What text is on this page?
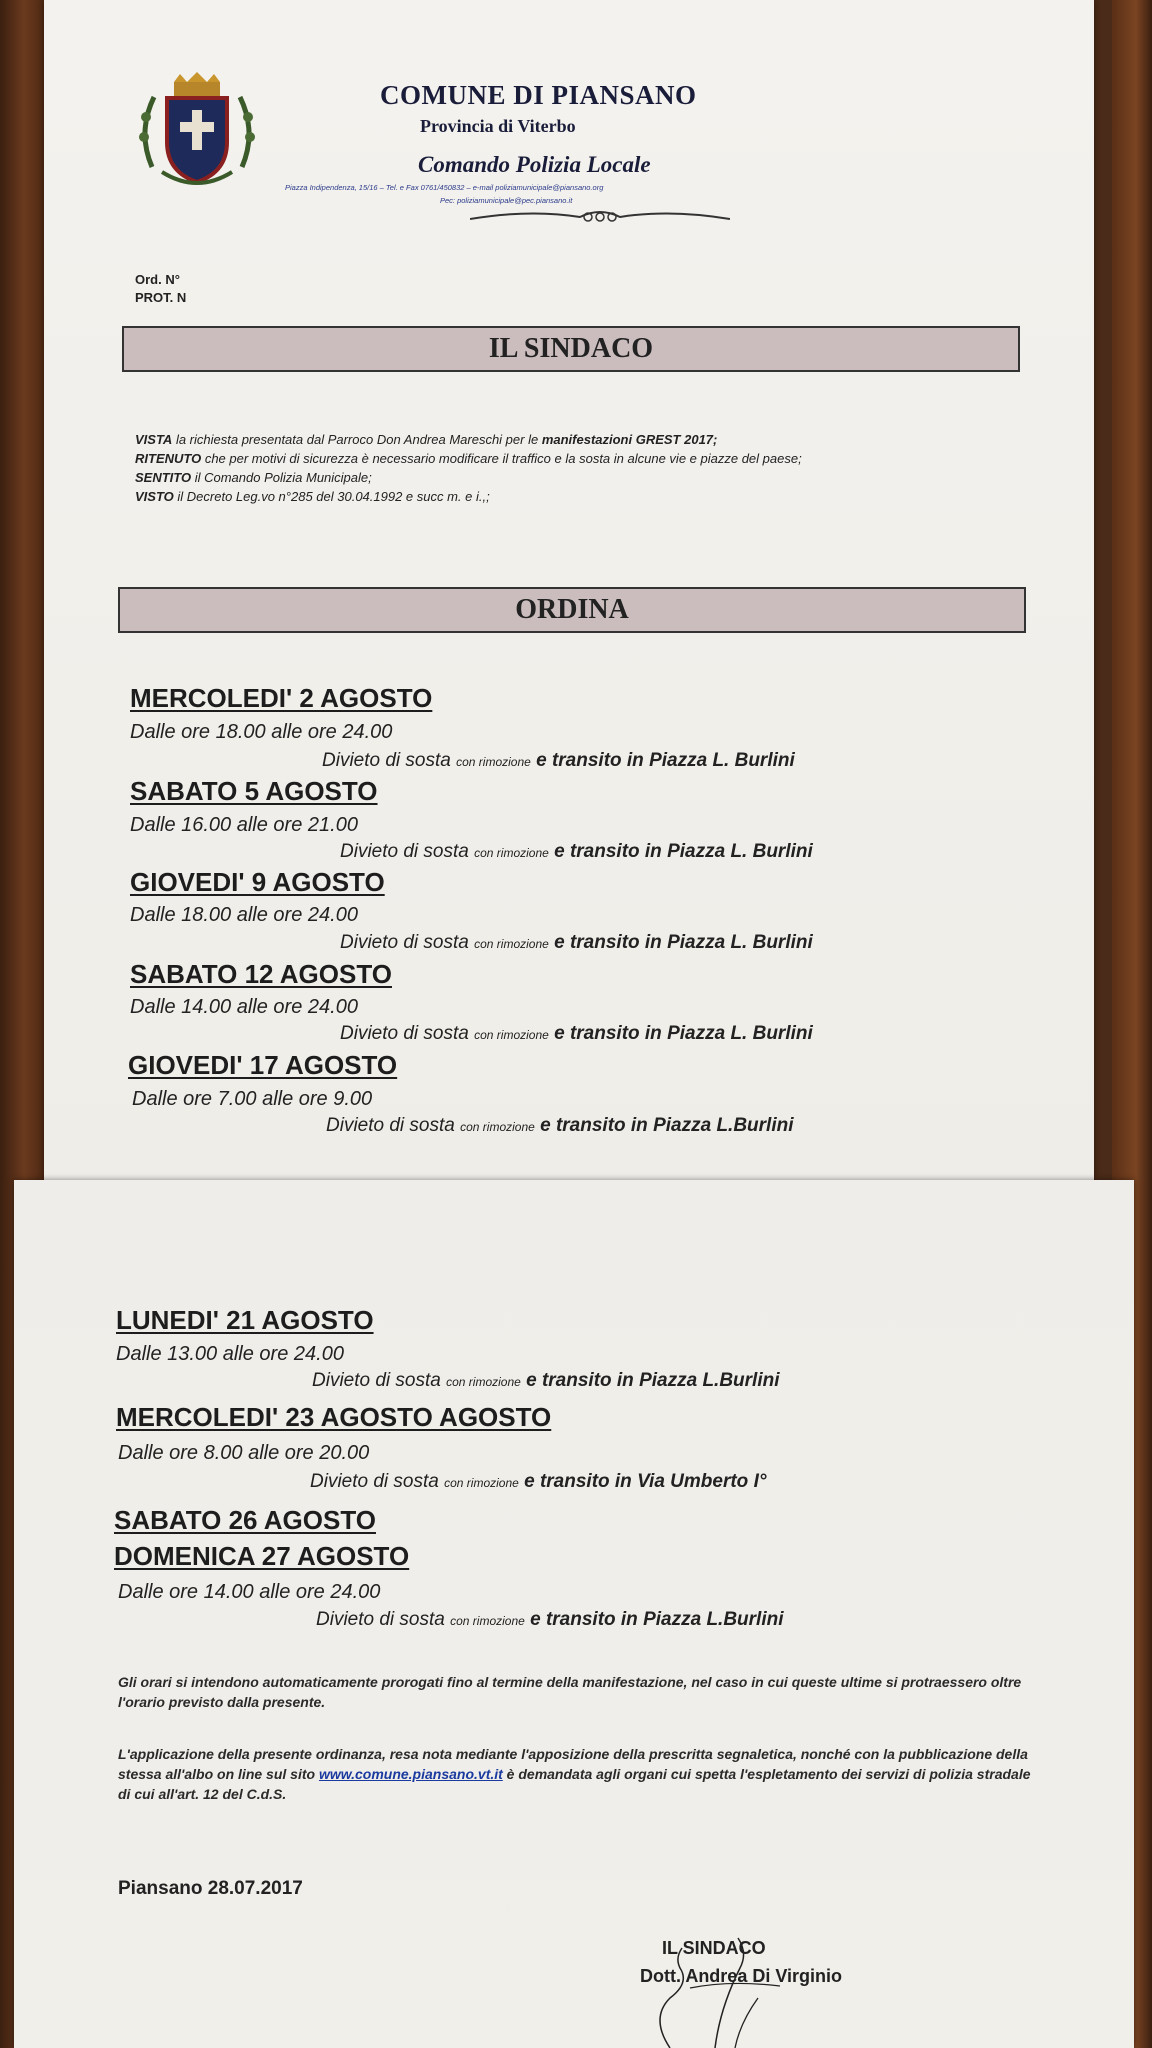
COMUNE DI PIANSANO
Provincia di Viterbo
Comando Polizia Locale
Piazza Indipendenza, 15/16 – Tel. e Fax 0761/450832 – e-mail poliziamunicipale@piansano.org
Pec: poliziamunicipale@pec.piansano.it
Ord. N°
PROT. N
IL SINDACO
VISTA la richiesta presentata dal Parroco Don Andrea Mareschi per le manifestazioni GREST 2017;
RITENUTO che per motivi di sicurezza è necessario modificare il traffico e la sosta in alcune vie e piazze del paese;
SENTITO il Comando Polizia Municipale;
VISTO il Decreto Leg.vo n°285 del 30.04.1992 e succ m. e i.,;
ORDINA
MERCOLEDI' 2 AGOSTO
Dalle ore 18.00 alle ore 24.00
Divieto di sosta con rimozione e transito in Piazza L. Burlini
SABATO 5 AGOSTO
Dalle 16.00 alle ore 21.00
Divieto di sosta con rimozione e transito in Piazza L. Burlini
GIOVEDI' 9 AGOSTO
Dalle 18.00 alle ore 24.00
Divieto di sosta con rimozione e transito in Piazza L. Burlini
SABATO 12 AGOSTO
Dalle 14.00 alle ore 24.00
Divieto di sosta con rimozione e transito in Piazza L. Burlini
GIOVEDI' 17 AGOSTO
Dalle ore 7.00 alle ore 9.00
Divieto di sosta con rimozione e transito in Piazza L.Burlini
LUNEDI' 21 AGOSTO
Dalle 13.00 alle ore 24.00
Divieto di sosta con rimozione e transito in Piazza L.Burlini
MERCOLEDI' 23 AGOSTO AGOSTO
Dalle ore 8.00 alle ore 20.00
Divieto di sosta con rimozione e transito in Via Umberto I°
SABATO 26 AGOSTO
DOMENICA 27 AGOSTO
Dalle ore 14.00 alle ore 24.00
Divieto di sosta con rimozione e transito in Piazza L.Burlini
Gli orari si intendono automaticamente prorogati fino al termine della manifestazione, nel caso in cui queste ultime si protraessero oltre l'orario previsto dalla presente.
L'applicazione della presente ordinanza, resa nota mediante l'apposizione della prescritta segnaletica, nonché con la pubblicazione della stessa all'albo on line sul sito www.comune.piansano.vt.it è demandata agli organi cui spetta l'espletamento dei servizi di polizia stradale di cui all'art. 12 del C.d.S.
Piansano 28.07.2017
IL SINDACO
Dott. Andrea Di Virginio
